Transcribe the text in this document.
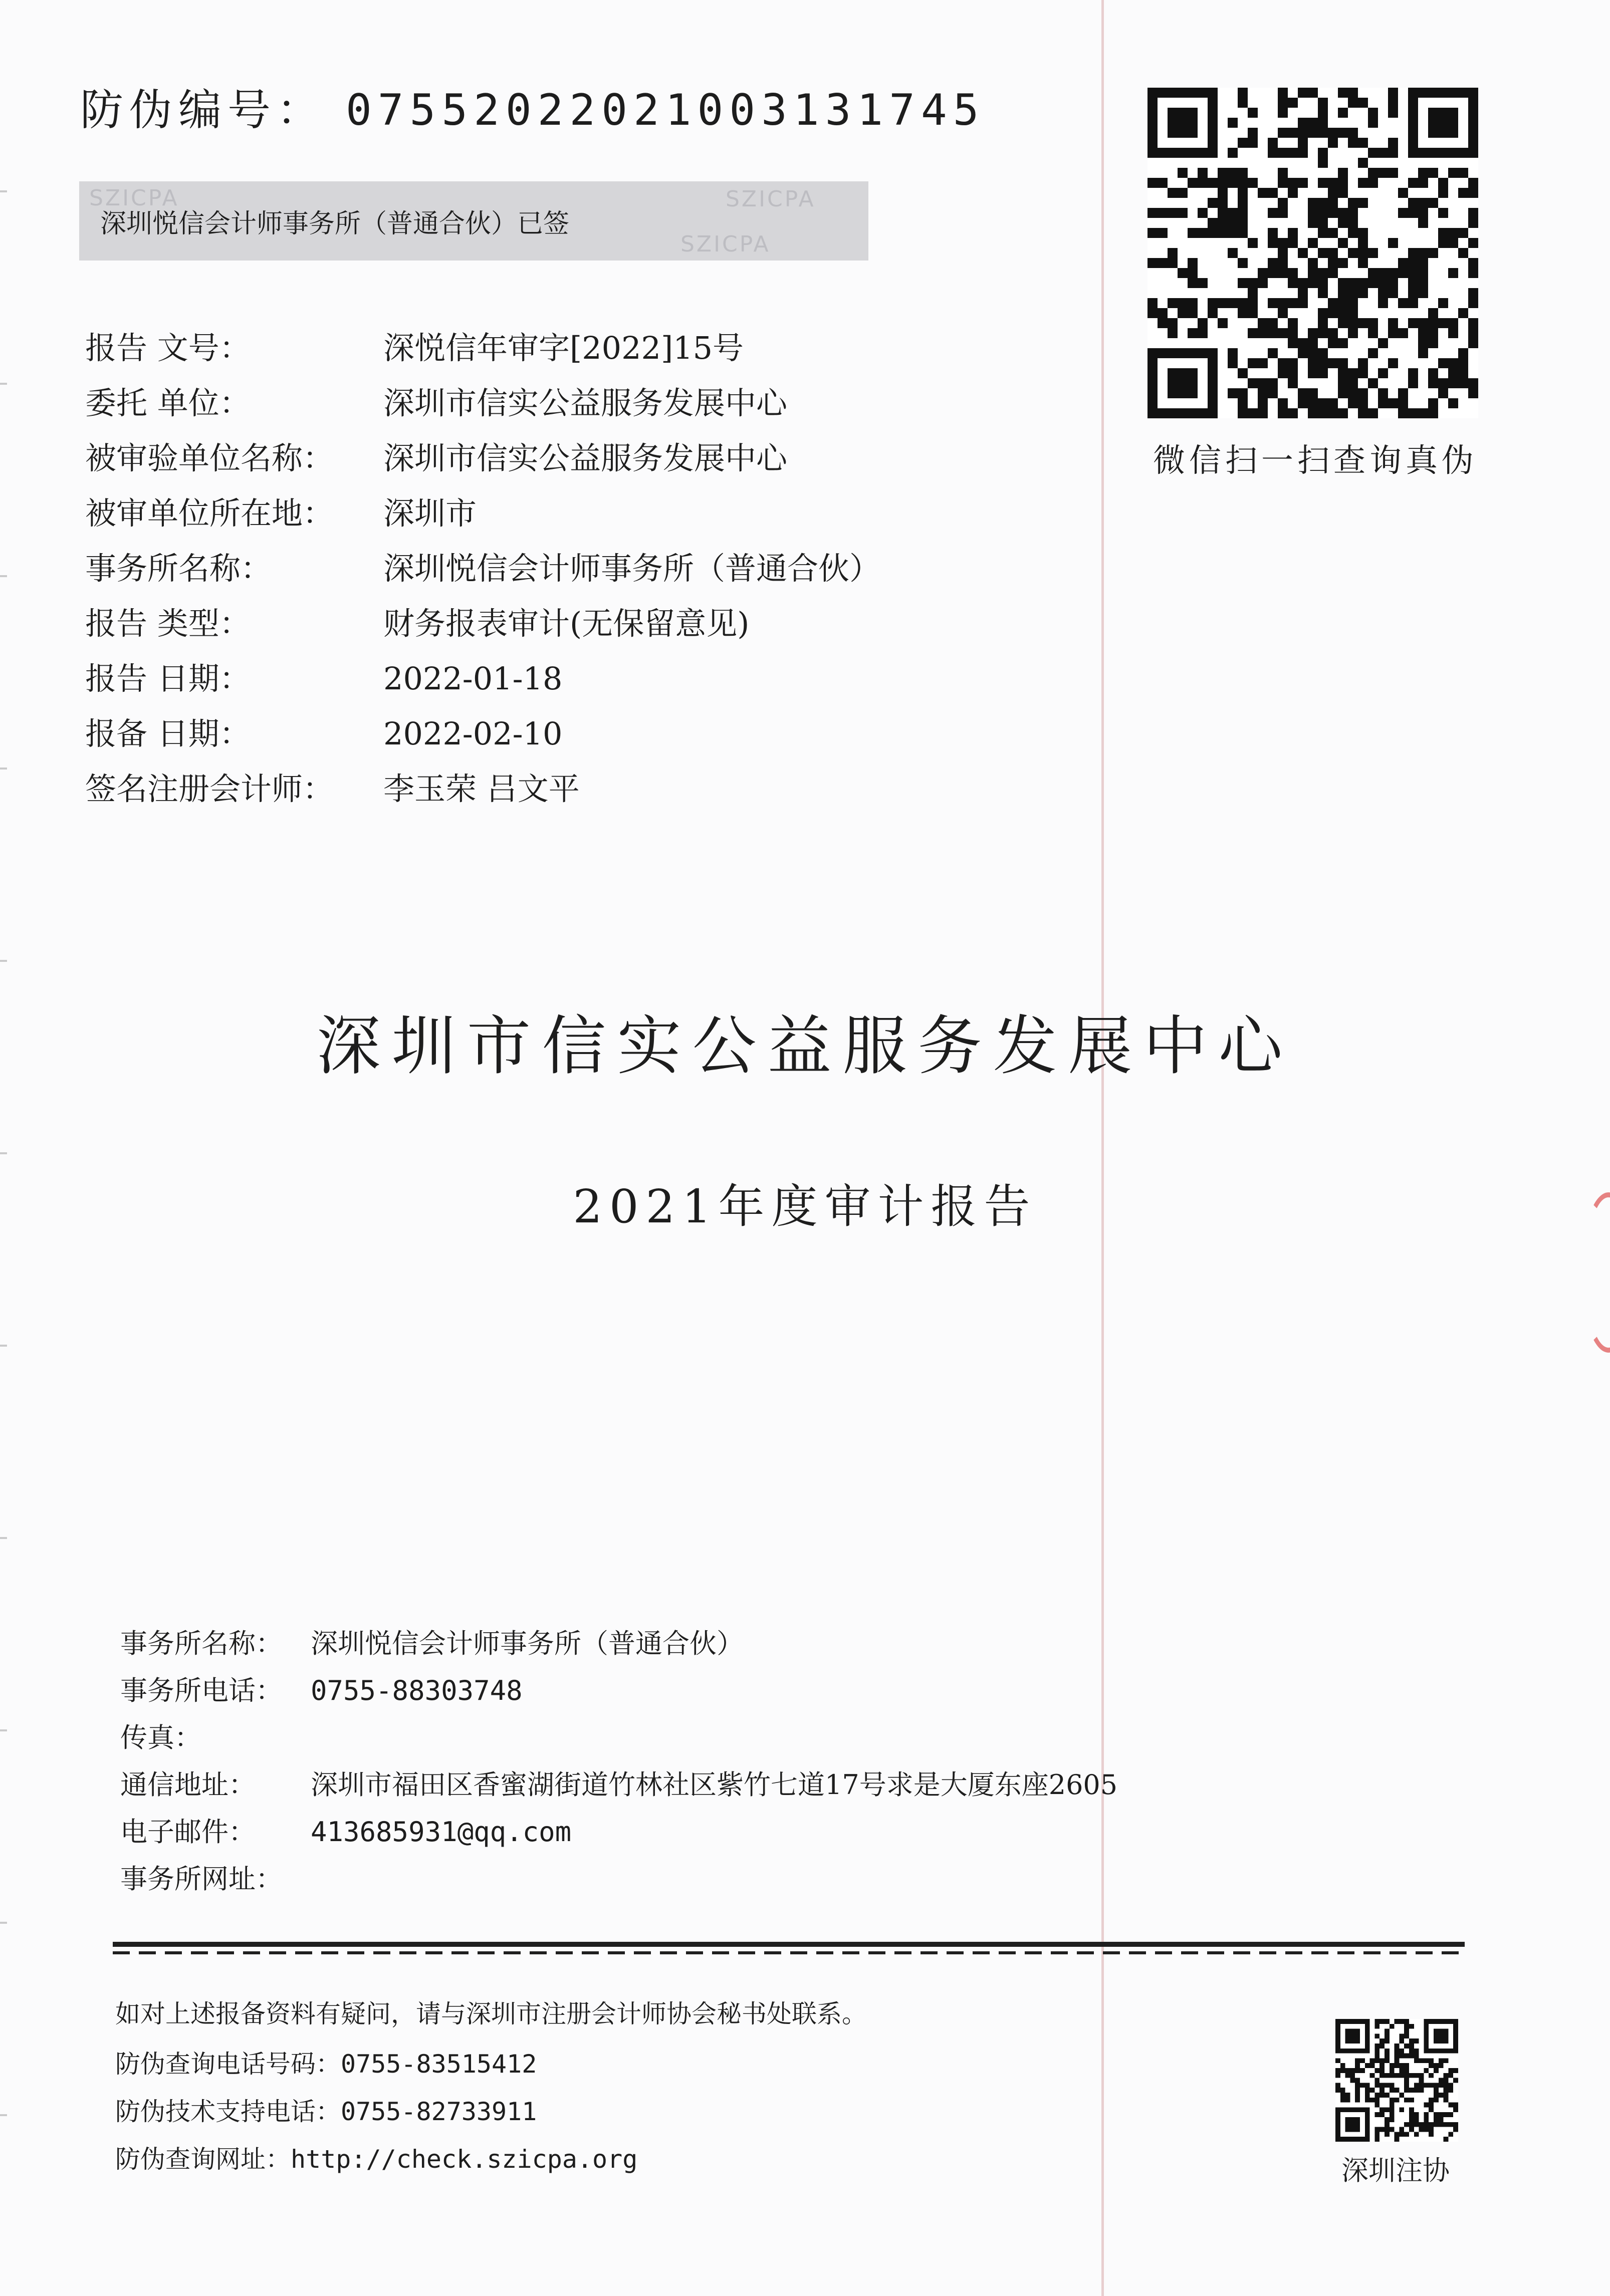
防伪编号： 07552022021003131745
SZICPA
SZICPA
SZICPA
深圳悦信会计师事务所（普通合伙）已签
微信扫一扫查询真伪
报告 文号：	深悦信年审字[2022]15号
委托 单位：	深圳市信实公益服务发展中心
被审验单位名称： 深圳市信实公益服务发展中心
被审单位所在地： 深圳市
事务所名称：	深圳悦信会计师事务所（普通合伙）
报告 类型：	财务报表审计(无保留意见)
报告 日期：	2022-01-18
报备 日期：	2022-02-10
签名注册会计师： 李玉荣 吕文平
深圳市信实公益服务发展中心
2021年度审计报告
事务所名称： 深圳悦信会计师事务所（普通合伙）
事务所电话： 0755-88303748
传真：
通信地址： 深圳市福田区香蜜湖街道竹林社区紫竹七道17号求是大厦东座2605
电子邮件： 413685931@qq.com
事务所网址：
如对上述报备资料有疑问，请与深圳市注册会计师协会秘书处联系。
防伪查询电话号码：0755-83515412
防伪技术支持电话：0755-82733911
防伪查询网址：http://check.szicpa.org	深圳注协
